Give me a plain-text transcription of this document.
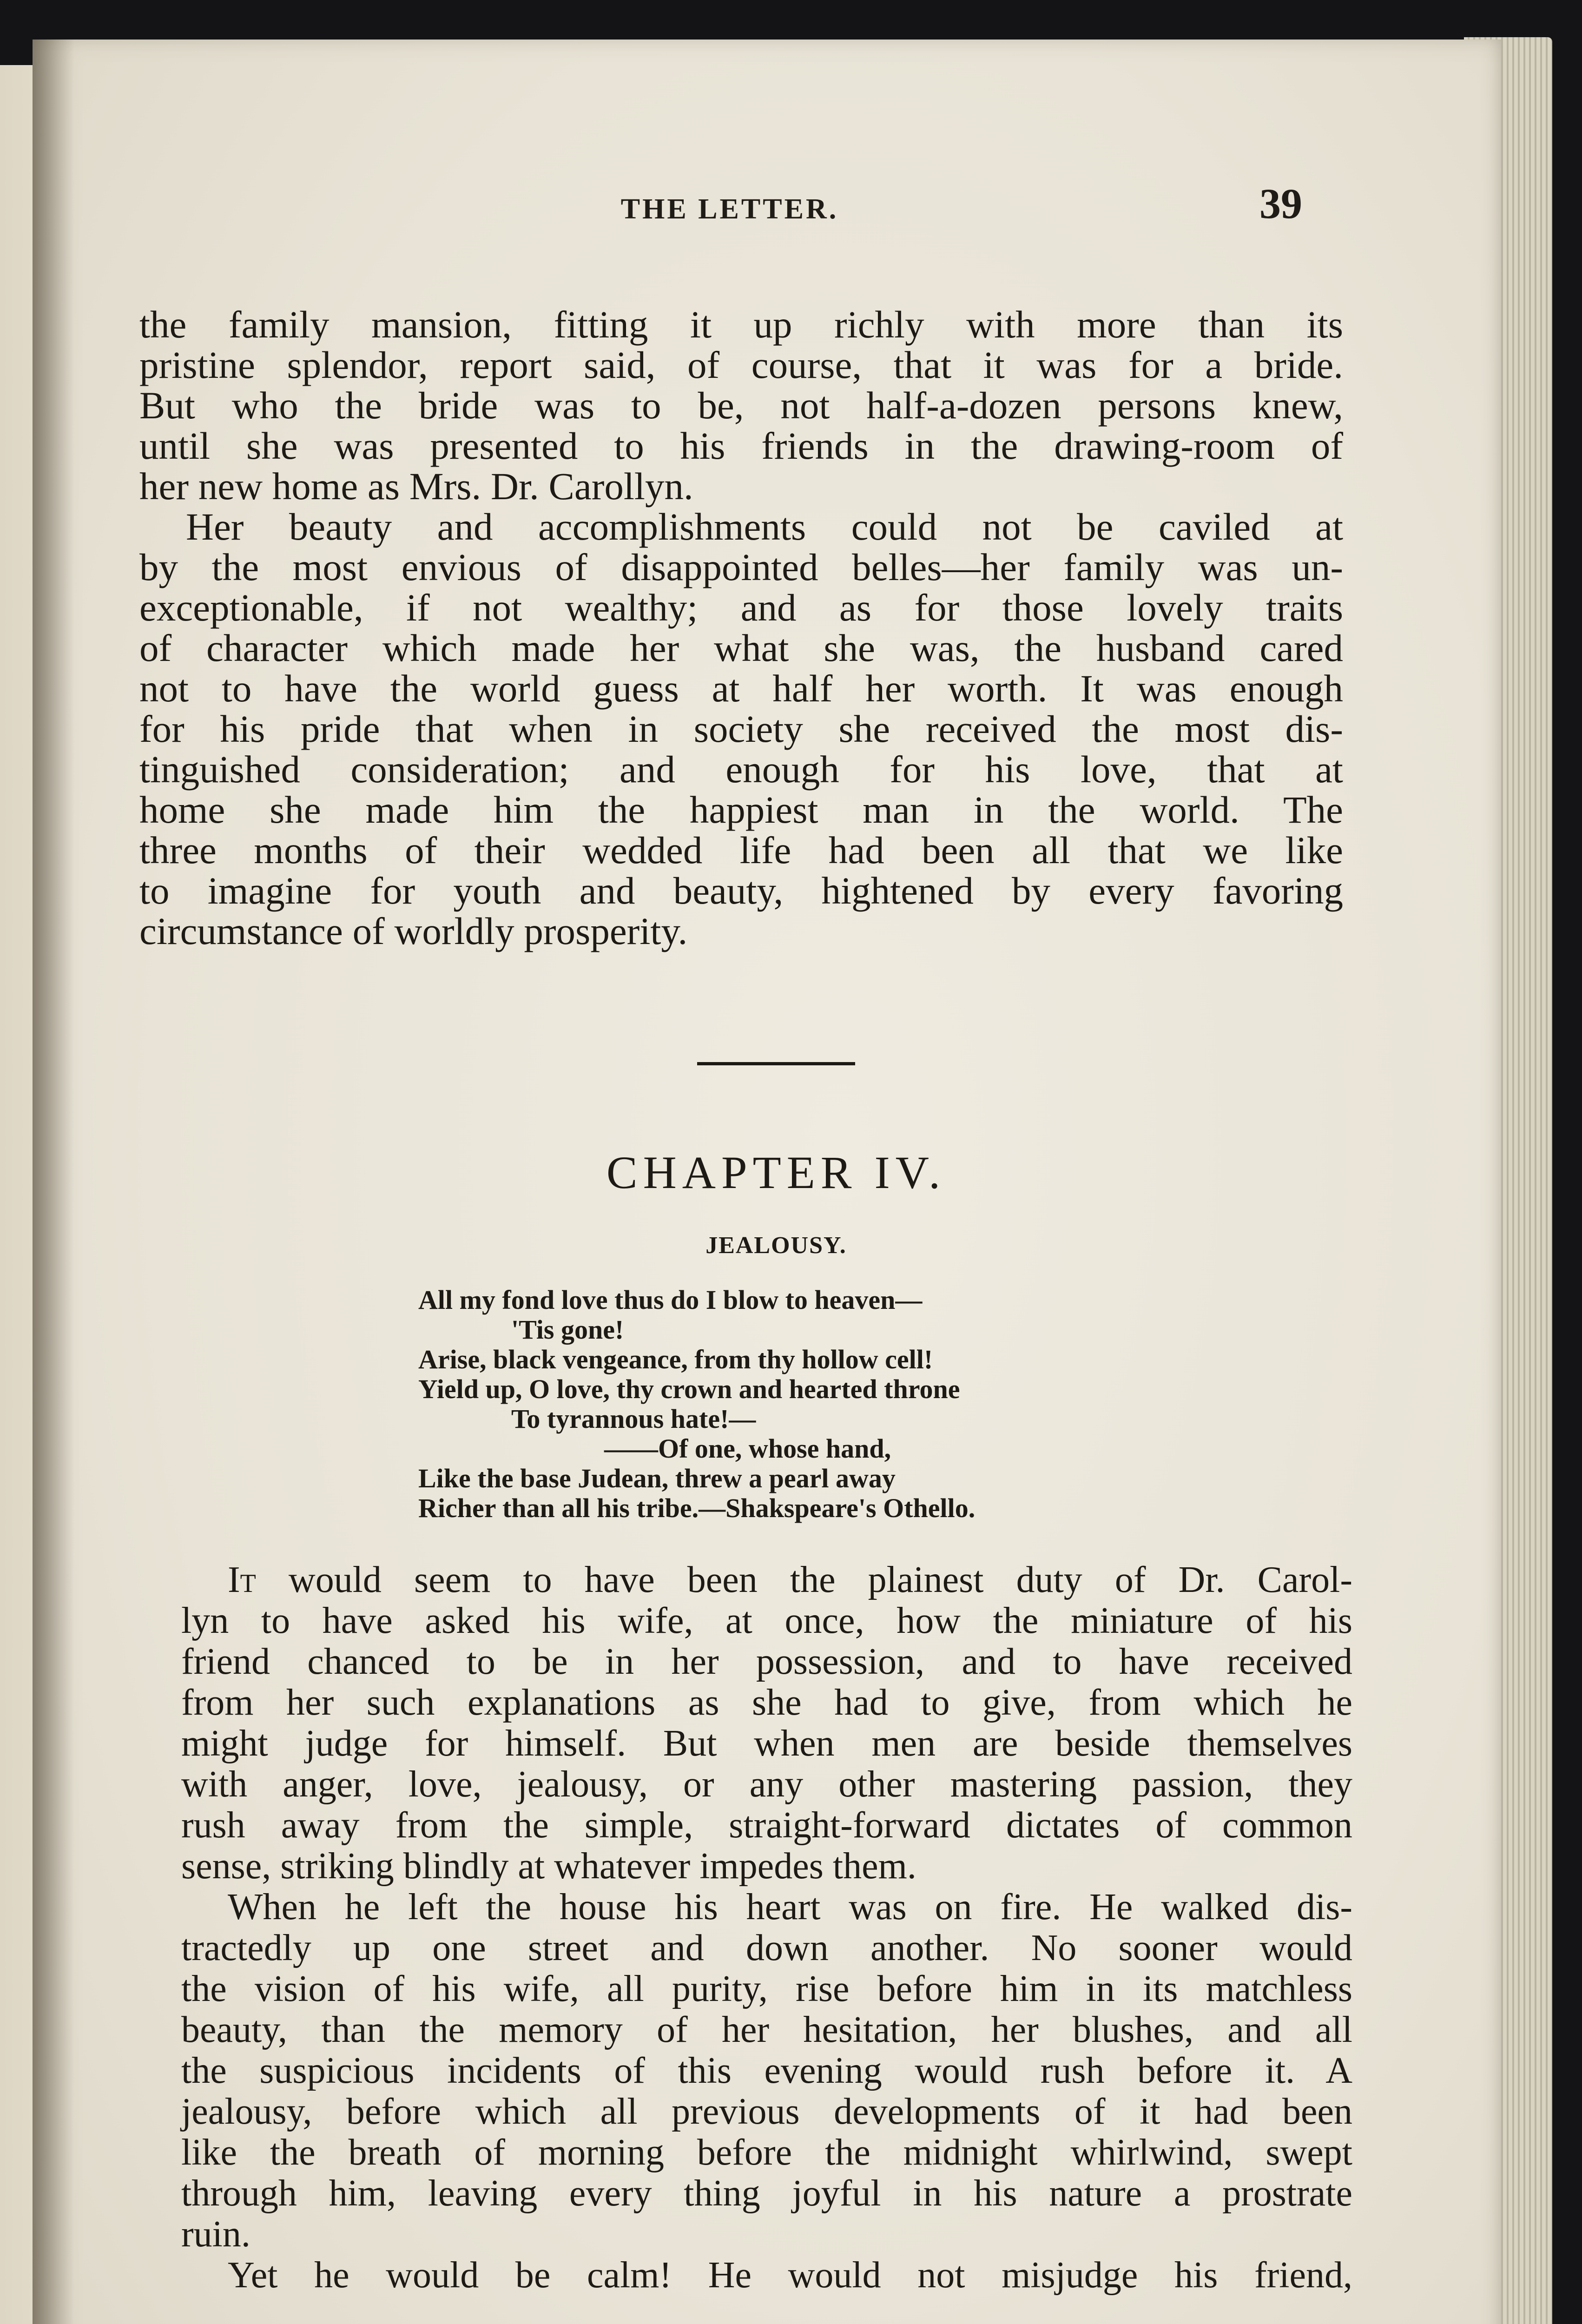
THE LETTER.	39
the family mansion, fitting it up richly with more than its
pristine splendor, report said, of course, that it was for a bride.
But who the bride was to be, not half-a-dozen persons knew,
until she was presented to his friends in the drawing-room of
her new home as Mrs. Dr. Carollyn.
Her beauty and accomplishments could not be caviled at
by the most envious of disappointed belles—her family was un-
exceptionable, if not wealthy; and as for those lovely traits
of character which made her what she was, the husband cared
not to have the world guess at half her worth. It was enough
for his pride that when in society she received the most dis-
tinguished consideration; and enough for his love, that at
home she made him the happiest man in the world. The
three months of their wedded life had been all that we like
to imagine for youth and beauty, hightened by every favoring
circumstance of worldly prosperity.
CHAPTER IV.
JEALOUSY.
All my fond love thus do I blow to heaven—
'Tis gone!
Arise, black vengeance, from thy hollow cell!
Yield up, O love, thy crown and hearted throne
To tyrannous hate!—
——Of one, whose hand,
Like the base Judean, threw a pearl away
Richer than all his tribe.—Shakspeare's Othello.
It would seem to have been the plainest duty of Dr. Carol-
lyn to have asked his wife, at once, how the miniature of his
friend chanced to be in her possession, and to have received
from her such explanations as she had to give, from which he
might judge for himself. But when men are beside themselves
with anger, love, jealousy, or any other mastering passion, they
rush away from the simple, straight-forward dictates of common
sense, striking blindly at whatever impedes them.
When he left the house his heart was on fire. He walked dis-
tractedly up one street and down another. No sooner would
the vision of his wife, all purity, rise before him in its matchless
beauty, than the memory of her hesitation, her blushes, and all
the suspicious incidents of this evening would rush before it. A
jealousy, before which all previous developments of it had been
like the breath of morning before the midnight whirlwind, swept
through him, leaving every thing joyful in his nature a prostrate
ruin.
Yet he would be calm! He would not misjudge his friend,
